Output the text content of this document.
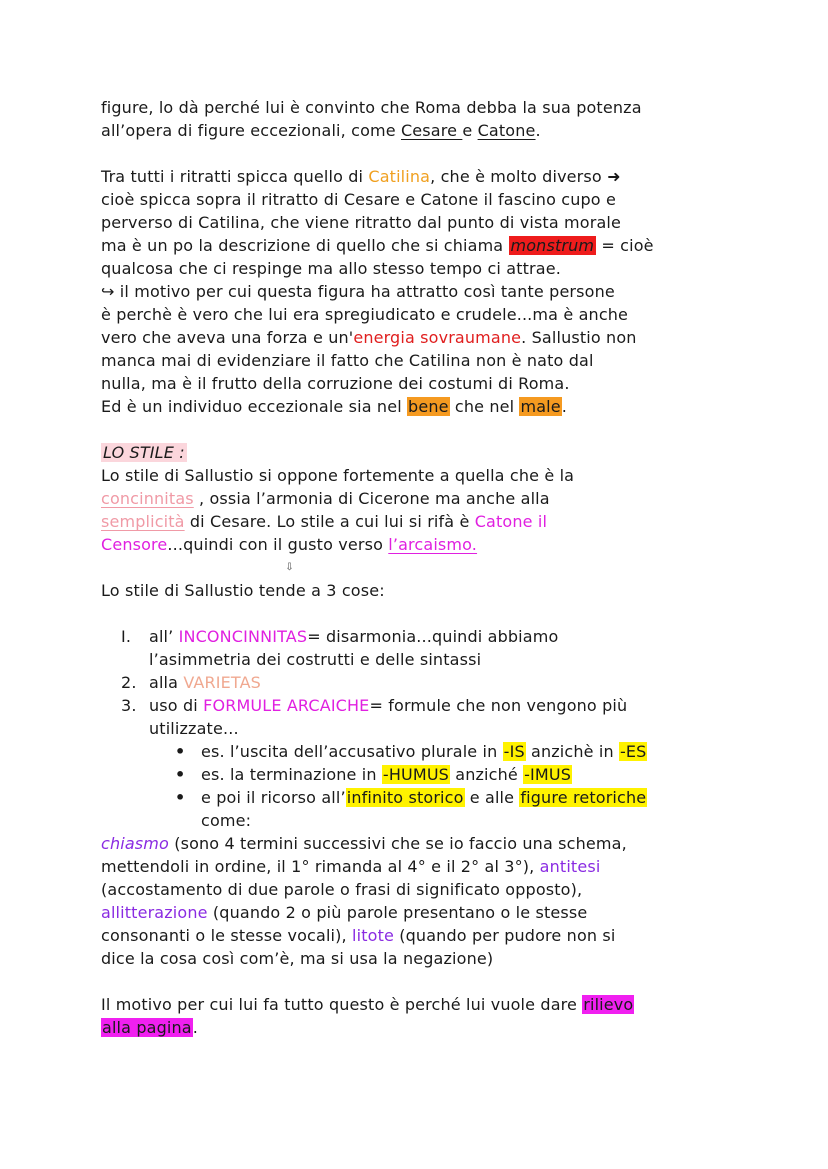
figure, lo dà perché lui è convinto che Roma debba la sua potenza

all’opera di figure eccezionali, come Cesare e Catone.

Tra tutti i ritratti spicca quello di Catilina, che è molto diverso ➜

cioè spicca sopra il ritratto di Cesare e Catone il fascino cupo e

perverso di Catilina, che viene ritratto dal punto di vista morale

ma è un po la descrizione di quello che si chiama monstrum = cioè

qualcosa che ci respinge ma allo stesso tempo ci attrae.

↪ il motivo per cui questa figura ha attratto così tante persone

è perchè è vero che lui era spregiudicato e crudele...ma è anche

vero che aveva una forza e un'energia sovraumane. Sallustio non

manca mai di evidenziare il fatto che Catilina non è nato dal

nulla, ma è il frutto della corruzione dei costumi di Roma.

Ed è un individuo eccezionale sia nel bene che nel male.

LO STILE :

Lo stile di Sallustio si oppone fortemente a quella che è la

concinnitas , ossia l’armonia di Cicerone ma anche alla

semplicità di Cesare. Lo stile a cui lui si rifà è Catone il

Censore...quindi con il gusto verso l’arcaismo.

⇩

Lo stile di Sallustio tende a 3 cose:

I. all’ INCONCINNITAS= disarmonia...quindi abbiamo
l’asimmetria dei costrutti e delle sintassi
2. alla VARIETAS
3. uso di FORMULE ARCAICHE= formule che non vengono più
utilizzate...
• es. l’uscita dell’accusativo plurale in -IS anzichè in -ES
• es. la terminazione in -HUMUS anziché -IMUS
• e poi il ricorso all’infinito storico e alle figure retoriche

come:

chiasmo (sono 4 termini successivi che se io faccio una schema,

mettendoli in ordine, il 1° rimanda al 4° e il 2° al 3°), antitesi

(accostamento di due parole o frasi di significato opposto),

allitterazione (quando 2 o più parole presentano o le stesse

consonanti o le stesse vocali), litote (quando per pudore non si

dice la cosa così com’è, ma si usa la negazione)

Il motivo per cui lui fa tutto questo è perché lui vuole dare rilievo

alla pagina.
